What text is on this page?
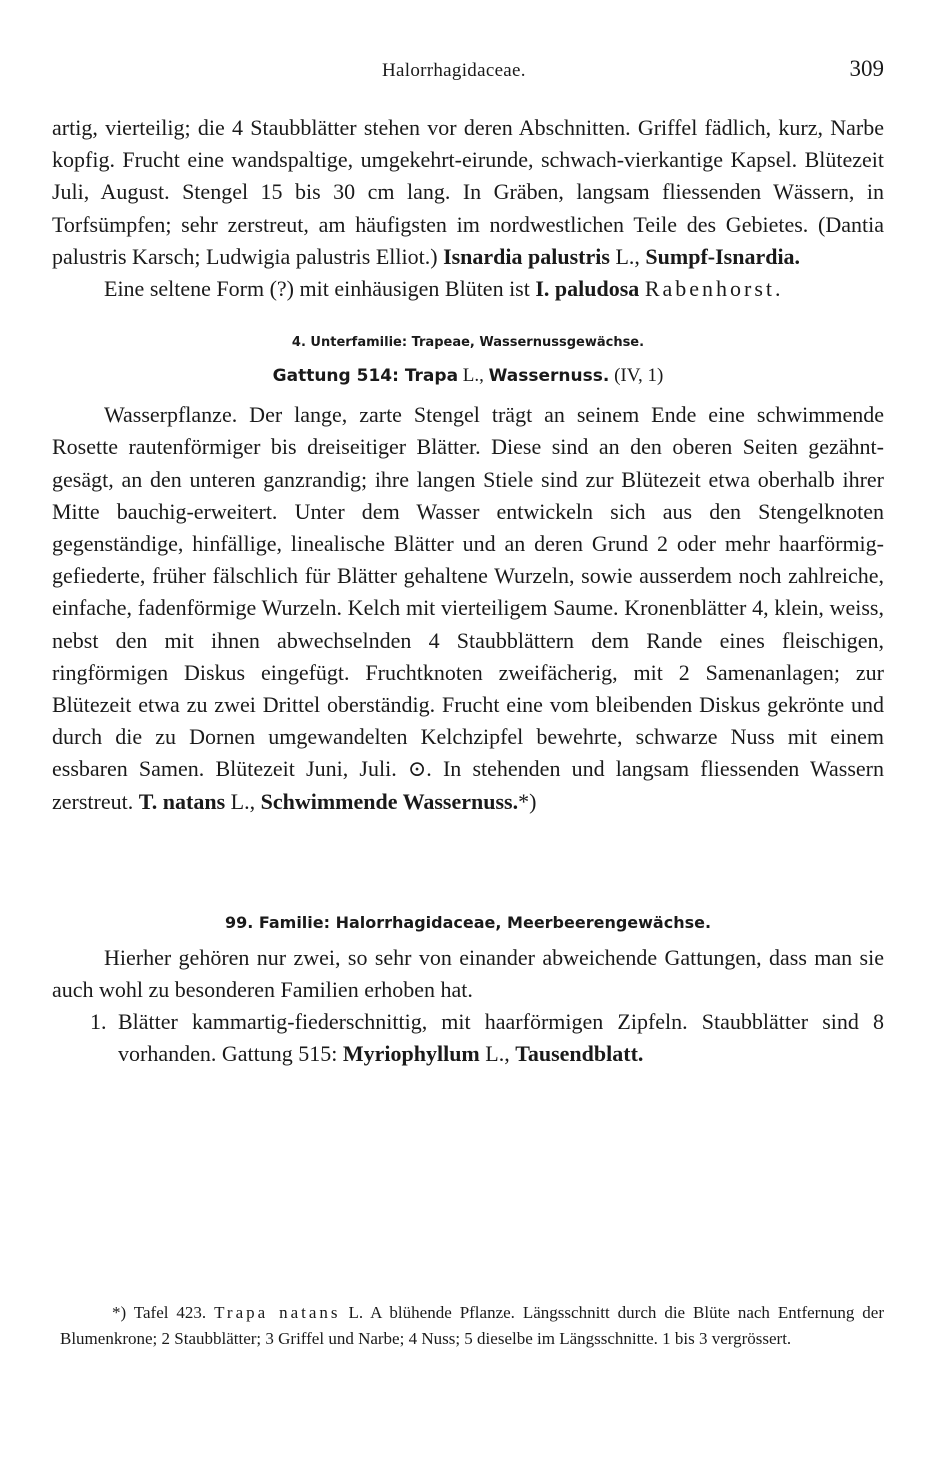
Halorrhagidaceae.	309

artig, vierteilig; die 4 Staubblätter stehen vor deren Abschnitten. Griffel fädlich, kurz, Narbe kopfig. Frucht eine wandspaltige, umgekehrt-eirunde, schwach-vierkantige Kapsel. Blütezeit Juli, August. Stengel 15 bis 30 cm lang. In Gräben, langsam fliessenden Wässern, in Torfsümpfen; sehr zerstreut, am häufigsten im nordwestlichen Teile des Gebietes. (Dantia palustris Karsch; Ludwigia palustris Elliot.) Isnardia palustris L., Sumpf-Isnardia.

Eine seltene Form (?) mit einhäusigen Blüten ist I. paludosa Rabenhorst.

4. Unterfamilie: Trapeae, Wassernussgewächse.
Gattung 514: Trapa L., Wassernuss. (IV, 1)

Wasserpflanze. Der lange, zarte Stengel trägt an seinem Ende eine schwimmende Rosette rautenförmiger bis dreiseitiger Blätter. Diese sind an den oberen Seiten gezähnt-gesägt, an den unteren ganzrandig; ihre langen Stiele sind zur Blütezeit etwa oberhalb ihrer Mitte bauchig-erweitert. Unter dem Wasser entwickeln sich aus den Stengelknoten gegenständige, hinfällige, linealische Blätter und an deren Grund 2 oder mehr haarförmig-gefiederte, früher fälschlich für Blätter gehaltene Wurzeln, sowie ausserdem noch zahlreiche, einfache, fadenförmige Wurzeln. Kelch mit vierteiligem Saume. Kronenblätter 4, klein, weiss, nebst den mit ihnen abwechselnden 4 Staubblättern dem Rande eines fleischigen, ringförmigen Diskus eingefügt. Fruchtknoten zweifächerig, mit 2 Samenanlagen; zur Blütezeit etwa zu zwei Drittel oberständig. Frucht eine vom bleibenden Diskus gekrönte und durch die zu Dornen umgewandelten Kelchzipfel bewehrte, schwarze Nuss mit einem essbaren Samen. Blütezeit Juni, Juli. ⊙. In stehenden und langsam fliessenden Wassern zerstreut. T. natans L., Schwimmende Wassernuss.*)

99. Familie: Halorrhagidaceae, Meerbeerengewächse.

Hierher gehören nur zwei, so sehr von einander abweichende Gattungen, dass man sie auch wohl zu besonderen Familien erhoben hat.

1. Blätter kammartig-fiederschnittig, mit haarförmigen Zipfeln. Staubblätter sind 8 vorhanden. Gattung 515: Myriophyllum L., Tausendblatt.

*) Tafel 423. Trapa natans L. A blühende Pflanze. Längsschnitt durch die Blüte nach Entfernung der Blumenkrone; 2 Staubblätter; 3 Griffel und Narbe; 4 Nuss; 5 dieselbe im Längsschnitte. 1 bis 3 vergrössert.
